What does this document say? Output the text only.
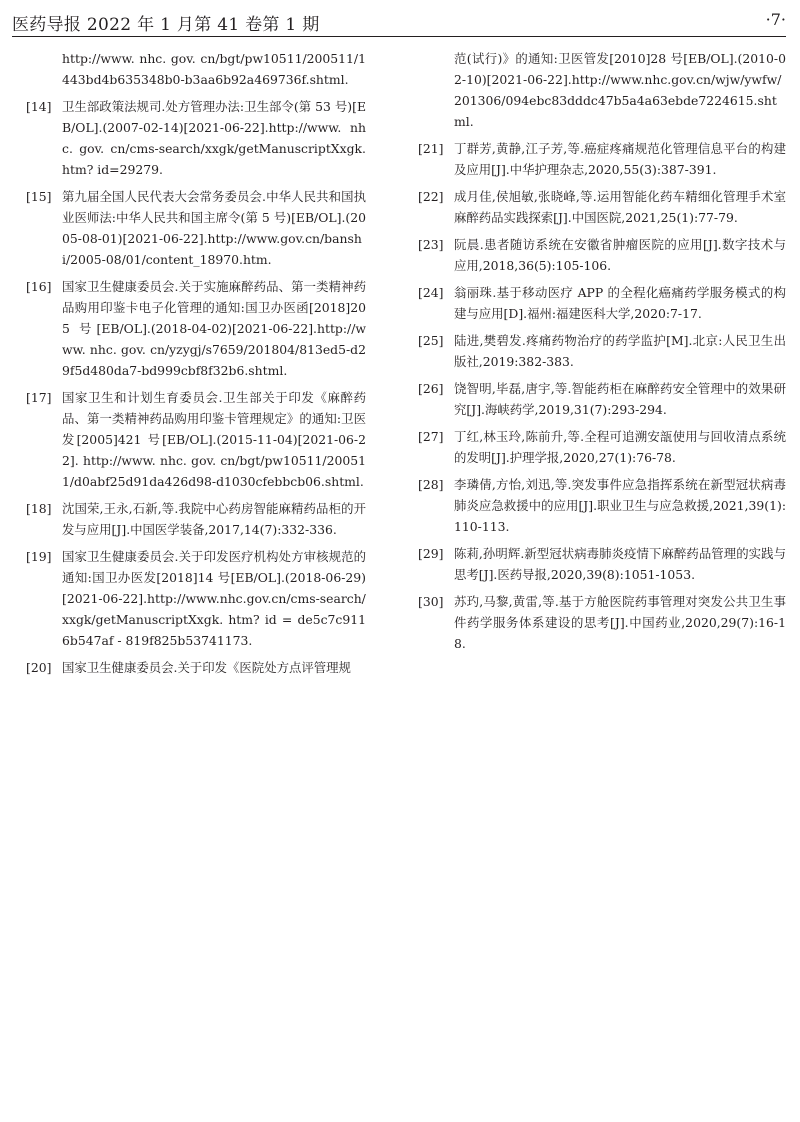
医药导报 2022 年 1 月第 41 卷第 1 期	·7·
http://www. nhc. gov. cn/bgt/pw10511/200511/1443bd4b635348b0-b3aa6b92a469736f.shtml.
[14] 卫生部政策法规司.处方管理办法:卫生部令(第 53 号)[EB/OL].(2007-02-14)[2021-06-22].http://www. nhc. gov. cn/cms-search/xxgk/getManuscriptXxgk. htm? id=29279.
[15] 第九届全国人民代表大会常务委员会.中华人民共和国执业医师法:中华人民共和国主席令(第 5 号)[EB/OL].(2005-08-01)[2021-06-22].http://www.gov.cn/banshi/2005-08/01/content_18970.htm.
[16] 国家卫生健康委员会.关于实施麻醉药品、第一类精神药品购用印鉴卡电子化管理的通知:国卫办医函[2018]205 号[EB/OL].(2018-04-02)[2021-06-22].http://www. nhc. gov. cn/yzygj/s7659/201804/813ed5-d29f5d480da7-bd999cbf8f32b6.shtml.
[17] 国家卫生和计划生育委员会.卫生部关于印发《麻醉药品、第一类精神药品购用印鉴卡管理规定》的通知:卫医发[2005]421 号[EB/OL].(2015-11-04)[2021-06-22]. http://www. nhc. gov. cn/bgt/pw10511/200511/d0abf25d91da426d98-d1030cfebbcb06.shtml.
[18] 沈国荣,王永,石新,等.我院中心药房智能麻精药品柜的开发与应用[J].中国医学装备,2017,14(7):332-336.
[19] 国家卫生健康委员会.关于印发医疗机构处方审核规范的通知:国卫办医发[2018]14 号[EB/OL].(2018-06-29)[2021-06-22].http://www.nhc.gov.cn/cms-search/xxgk/getManuscriptXxgk. htm? id = de5c7c9116b547af - 819f825b53741173.
[20] 国家卫生健康委员会.关于印发《医院处方点评管理规
范(试行)》的通知:卫医管发[2010]28 号[EB/OL].(2010-02-10)[2021-06-22].http://www.nhc.gov.cn/wjw/ywfw/201306/094ebc83dddc47b5a4a63ebde7224615.shtml.
[21] 丁群芳,黄静,江子芳,等.癌症疼痛规范化管理信息平台的构建及应用[J].中华护理杂志,2020,55(3):387-391.
[22] 成月佳,侯旭敏,张晓峰,等.运用智能化药车精细化管理手术室麻醉药品实践探索[J].中国医院,2021,25(1):77-79.
[23] 阮晨.患者随访系统在安徽省肿瘤医院的应用[J].数字技术与应用,2018,36(5):105-106.
[24] 翁丽珠.基于移动医疗 APP 的全程化癌痛药学服务模式的构建与应用[D].福州:福建医科大学,2020:7-17.
[25] 陆进,樊碧发.疼痛药物治疗的药学监护[M].北京:人民卫生出版社,2019:382-383.
[26] 饶智明,毕磊,唐宇,等.智能药柜在麻醉药安全管理中的效果研究[J].海峡药学,2019,31(7):293-294.
[27] 丁红,林玉玲,陈前升,等.全程可追溯安瓿使用与回收清点系统的发明[J].护理学报,2020,27(1):76-78.
[28] 李璘倩,方怡,刘迅,等.突发事件应急指挥系统在新型冠状病毒肺炎应急救援中的应用[J].职业卫生与应急救援,2021,39(1):110-113.
[29] 陈莉,孙明辉.新型冠状病毒肺炎疫情下麻醉药品管理的实践与思考[J].医药导报,2020,39(8):1051-1053.
[30] 苏玓,马黎,黄雷,等.基于方舱医院药事管理对突发公共卫生事件药学服务体系建设的思考[J].中国药业,2020,29(7):16-18.
